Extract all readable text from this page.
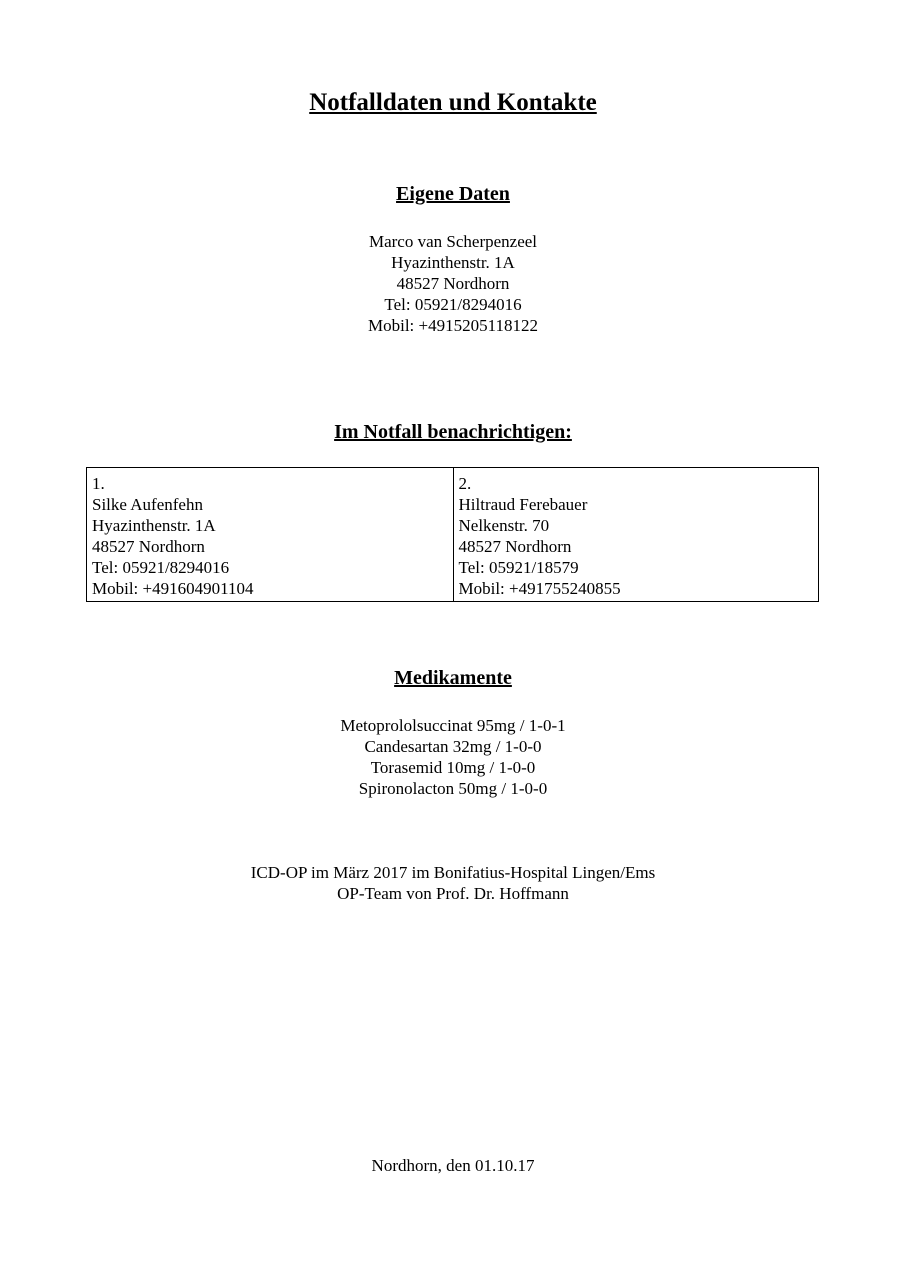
Notfalldaten und Kontakte
Eigene Daten
Marco van Scherpenzeel
Hyazinthenstr. 1A
48527 Nordhorn
Tel: 05921/8294016
Mobil: +4915205118122
Im Notfall benachrichtigen:
1.
Silke Aufenfehn
Hyazinthenstr. 1A
48527 Nordhorn
Tel: 05921/8294016
Mobil: +491604901104
2.
Hiltraud Ferebauer
Nelkenstr. 70
48527 Nordhorn
Tel: 05921/18579
Mobil: +491755240855
Medikamente
Metoprololsuccinat 95mg / 1-0-1
Candesartan 32mg / 1-0-0
Torasemid 10mg / 1-0-0
Spironolacton 50mg / 1-0-0
ICD-OP im März 2017 im Bonifatius-Hospital Lingen/Ems
OP-Team von Prof. Dr. Hoffmann
Nordhorn, den 01.10.17
